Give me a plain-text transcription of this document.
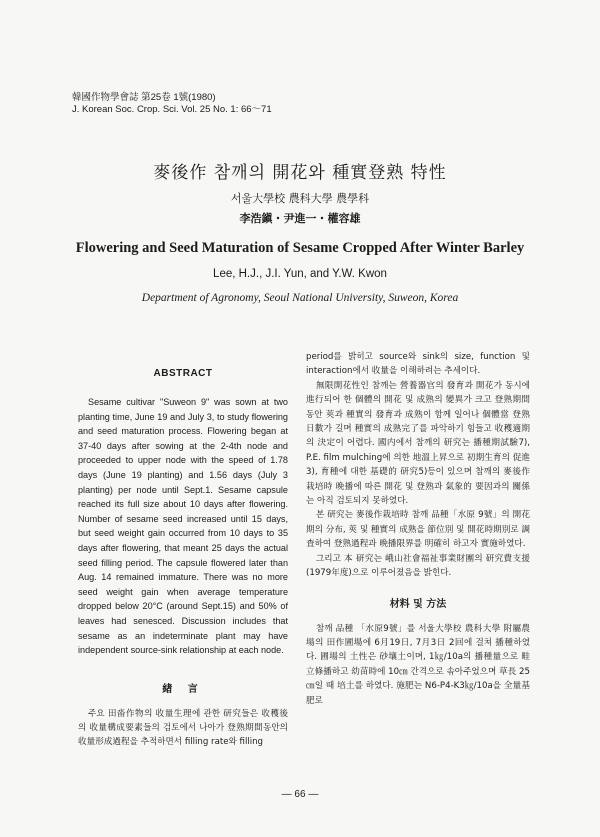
韓國作物學會誌 第25卷 1號(1980)
J. Korean Soc. Crop. Sci. Vol. 25 No. 1: 66～71
麥後作 참깨의 開花와 種實登熟 特性
서울大學校 農科大學 農學科
李浩鎭・尹進一・權容雄
Flowering and Seed Maturation of Sesame Cropped After Winter Barley
Lee, H.J., J.I. Yun, and Y.W. Kwon
Department of Agronomy, Seoul National University, Suweon, Korea
ABSTRACT

Sesame cultivar "Suweon 9" was sown at two planting time, June 19 and July 3, to study flowering and seed maturation process. Flowering began at 37-40 days after sowing at the 2-4th node and proceeded to upper node with the speed of 1.78 days (June 19 planting) and 1.56 days (July 3 planting) per node until Sept.1. Sesame capsule reached its full size about 10 days after flowering. Number of sesame seed increased until 15 days, but seed weight gain occurred from 10 days to 35 days after flowering, that meant 25 days the actual seed filling period. The capsule flowered later than Aug. 14 remained immature. There was no more seed weight gain when average temperature dropped below 20°C (around Sept.15) and 50% of leaves had senesced. Discussion includes that sesame as an indeterminate plant may have independent source-sink relationship at each node.

緖 言

주요 田畓作物의 收量生理에 관한 研究들은 收穫後의 收量構成要素들의 검토에서 나아가 登熟期間동안의 收量形成過程을 추적하면서 filling rate와 filling

period를 밝히고 source와 sink의 size, function 및 interaction에서 收量을 이해하려는 추세이다.

無限開花性인 참깨는 營養器官의 發育과 開花가 동시에 進行되어 한 個體의 開花 및 成熟의 變異가 크고 登熟期間 동안 莢과 種實의 發育과 成熟이 함께 일어나 個體當 登熟日數가 길며 種實의 成熟完了를 파악하기 힘들고 收穫適期의 決定이 어렵다. 國内에서 참깨의 研究는 播種期試驗7), P.E. film mulching에 의한 地溫上昇으로 初期生育의 促進3), 育種에 대한 基礎的 研究5)등이 있으며 참깨의 麥後作 栽培時 晩播에 따른 開花 및 登熟과 氣象的 要因과의 關係는 아직 검토되지 못하였다.

본 研究는 麥後作栽培時 참깨 品種「水原 9號」의 開花期의 分布, 莢 및 種實의 成熟을 節位別 및 開花時期別로 調査하여 登熟過程과 晩播限界를 明確히 하고자 實施하였다.

그리고 本 研究는 峨山社會福祉事業財團의 研究費支援(1979年度)으로 이루어졌음을 밝힌다.

材料 및 方法

참깨 品種 「水原9號」를 서울大學校 農科大學 附屬農場의 田作圃場에 6月19日, 7月3日 2回에 걸쳐 播種하였다. 圃場의 土性은 砂壤土이며, 1㎏/10a의 播種量으로 畦立條播하고 幼苗時에 10㎝ 간격으로 솎아주었으며 草長 25㎝일 때 培土를 하였다. 施肥는 N6-P4-K3㎏/10a을 全量基肥로

— 66 —
